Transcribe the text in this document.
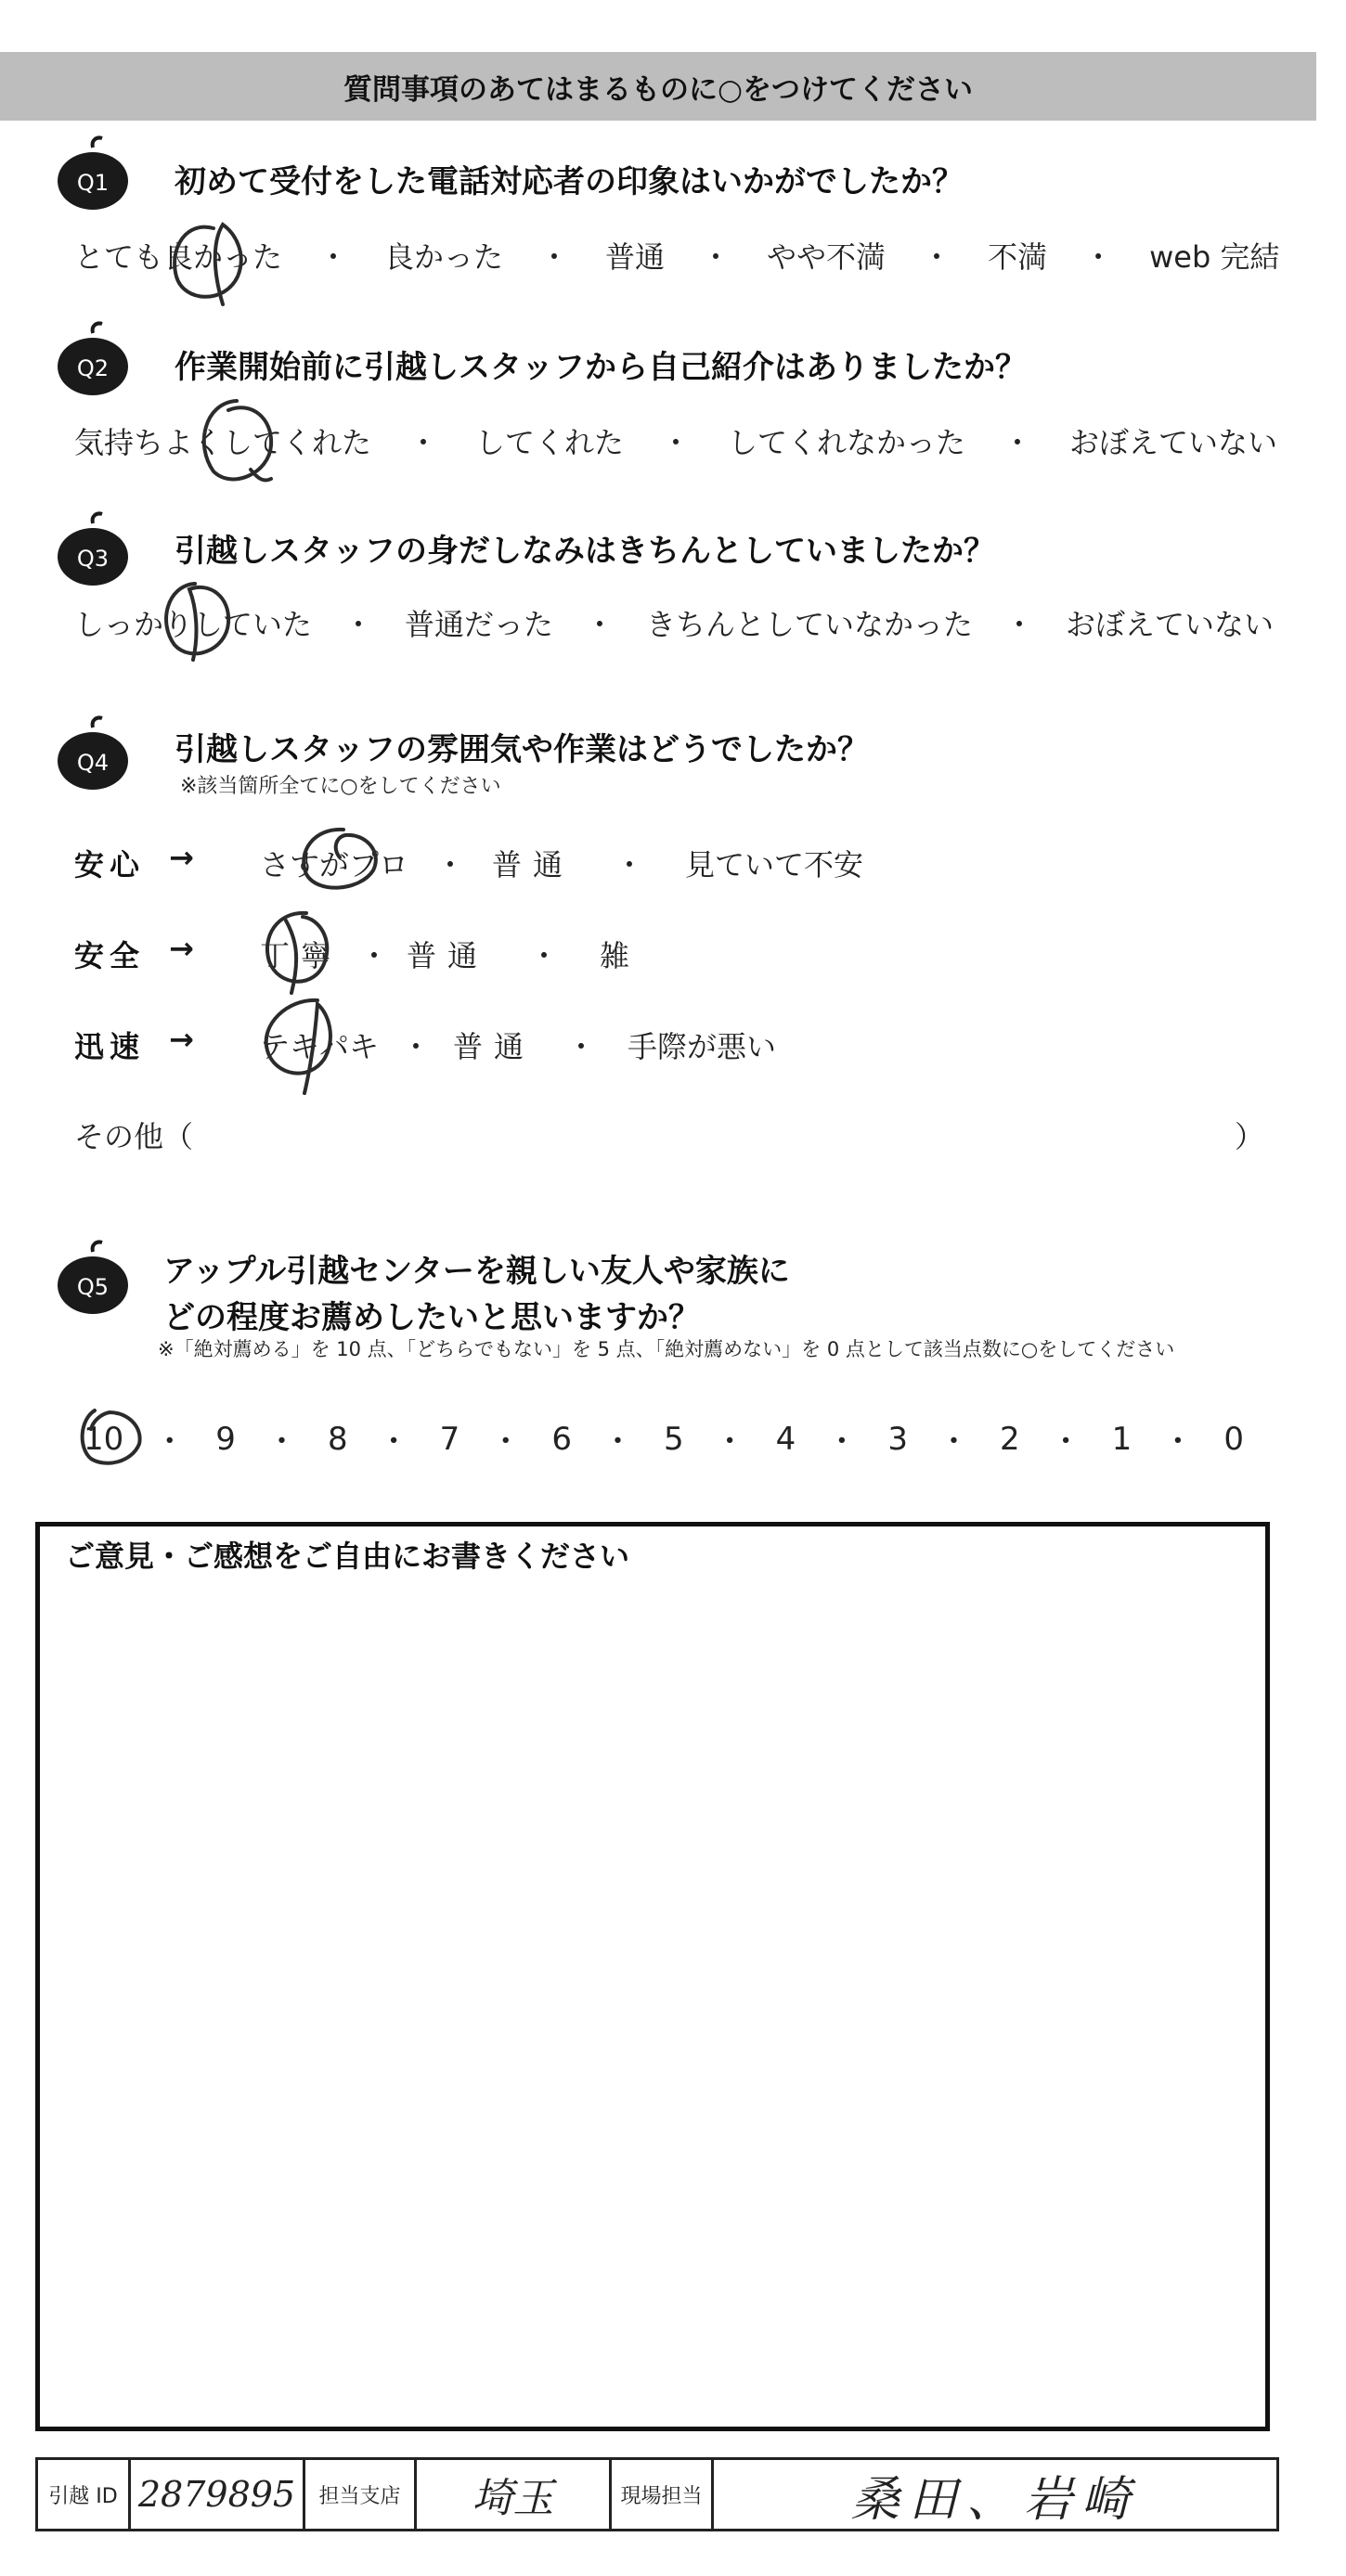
質問事項のあてはまるものに○をつけてください
Q1 初めて受付をした電話対応者の印象はいかがでしたか？
とても良かった	・	良かった	・	普通	・	やや不満	・	不満	・	web 完結
Q2 作業開始前に引越しスタッフから自己紹介はありましたか？
気持ちよくしてくれた	・	してくれた	・	してくれなかった	・	おぼえていない
Q3 引越しスタッフの身だしなみはきちんとしていましたか？
しっかりしていた	・	普通だった	・	きちんとしていなかった	・	おぼえていない
Q4 引越しスタッフの雰囲気や作業はどうでしたか？
※該当箇所全てに○をしてください
安心 → さすがプロ ・ 普通	・	見ていて不安
安全 → 丁寧 ・ 普通	・	雑
迅速 → テキパキ ・ 普通	・	手際が悪い
その他（	）
Q5 アップル引越センターを親しい友人や家族に
どの程度お薦めしたいと思いますか？
※「絶対薦める」を 10 点、「どちらでもない」を 5 点、「絶対薦めない」を 0 点として該当点数に○をしてください
10 ・ 9 ・ 8 ・ 7 ・ 6 ・ 5 ・ 4 ・ 3 ・ 2 ・ 1 ・ 0
ご意見・ご感想をご自由にお書きください
引越 ID 2879895 担当支店 埼玉	現場担当	桑田、岩崎
